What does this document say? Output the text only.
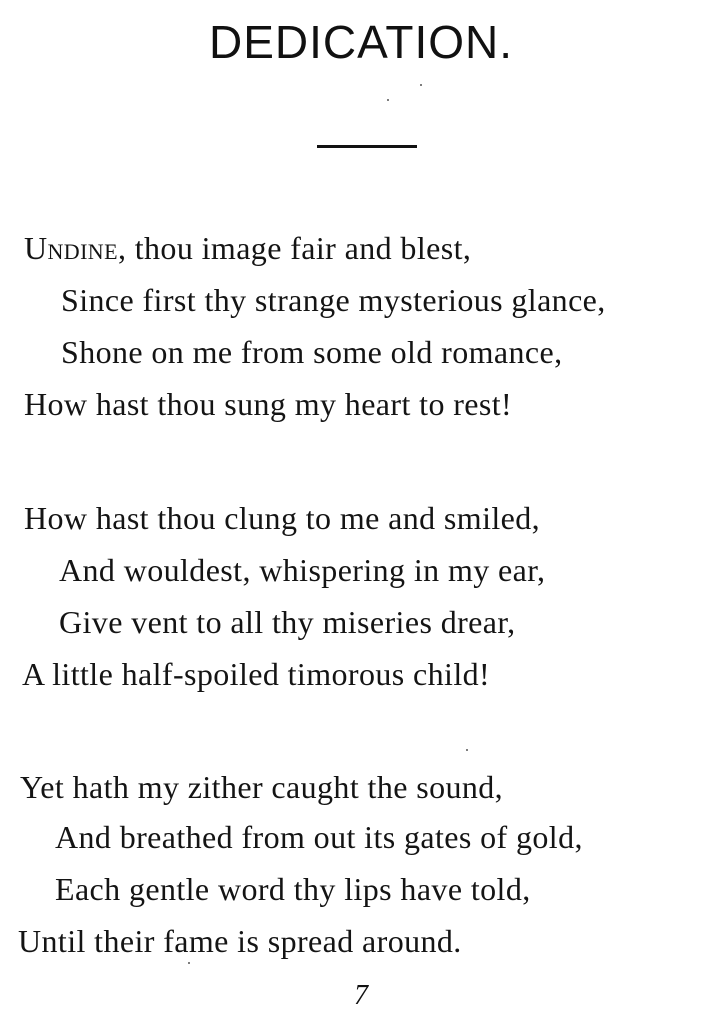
DEDICATION.
Undine, thou image fair and blest,
Since first thy strange mysterious glance,
Shone on me from some old romance,
How hast thou sung my heart to rest!
How hast thou clung to me and smiled,
And wouldest, whispering in my ear,
Give vent to all thy miseries drear,
A little half-spoiled timorous child!
Yet hath my zither caught the sound,
And breathed from out its gates of gold,
Each gentle word thy lips have told,
Until their fame is spread around.
7
